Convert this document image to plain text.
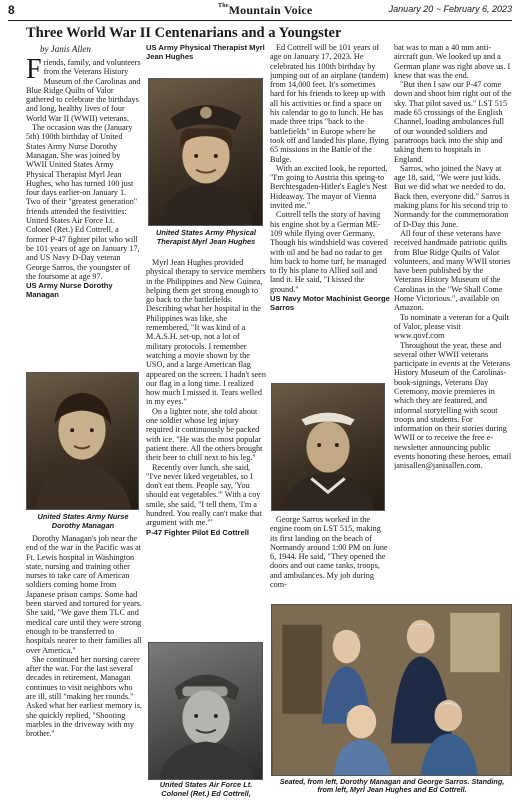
8	$^{The}$Mountain Voice	January 20 ~ February 6, 2023
Three World War II Centenarians and a Youngster
by Janis Allen

Friends, family, and volunteers from the Veterans History Museum of the Carolinas and Blue Ridge Quilts of Valor gathered to celebrate the birthdays and long, healthy lives of four World War II (WWII) veterans.

The occasion was the (January 5th) 100th birthday of United States Army Nurse Dorothy Managan. She was joined by WWII United States Army Physical Therapist Myrl Jean Hughes, who has turned 100 just four days earlier-on January 1. Two of their "greatest generation" friends attended the festivities: United States Air Force Lt. Colonel (Ret.) Ed Cottrell, a former P-47 fighter pilot who will be 101 years of age on January 17, and US Navy D-Day veteran George Sarros, the youngster of the foursome at age 97.

US Army Nurse Dorothy Managan
United States Army Nurse Dorothy Managan

Dorothy Managan's job near the end of the war in the Pacific was at Ft. Lewis hospital in Washington state, nursing and training other nurses to take care of American soldiers coming home from Japanese prison camps. Some had been starved and tortured for years. She said, "We gave them TLC and medical care until they were strong enough to be transferred to hospitals nearer to their families all over America."

She continued her nursing career after the war. For the last several decades in retirement, Managan continues to visit neighbors who are ill, still "making her rounds." Asked what her earliest memory is, she quickly replied, "Shooting marbles in the driveway with my brother."

US Army Physical Therapist Myrl Jean Hughes
United States Army Physical Therapist Myrl Jean Hughes

Myrl Jean Hughes provided physical therapy to service members in the Philippines and New Guinea, helping them get strong enough to go back to the battlefields. Describing what her hospital in the Philippines was like, she remembered, "It was kind of a M.A.S.H. set-up, not a lot of military protocols. I remember watching a movie shown by the USO, and a large American flag appeared on the screen. I hadn't seen our flag in a long time. I realized how much I missed it. Tears welled in my eyes."

On a lighter note, she told about one soldier whose leg injury required it continuously be packed with ice. "He was the most popular patient there. All the others brought their beer to chill next to his leg."

Recently over lunch, she said, "I've never liked vegetables, so I don't eat them. People say, 'You should eat vegetables.'" With a coy smile, she said, "I tell them, 'I'm a hundred. You really can't make that argument with me.'"

P-47 Fighter Pilot Ed Cottrell
United States Air Force Lt. Colonel (Ret.) Ed Cottrell,

Ed Cottrell will be 101 years of age on January 17, 2023. He celebrated his 100th birthday by jumping out of an airplane (tandem) from 14,000 feet. It's sometimes hard for his friends to keep up with all his activities or find a space on his calendar to go to lunch. He has made three trips "back to the battlefields" in Europe where he took off and landed his plane, flying 65 missions in the Battle of the Bulge.

With an excited look, he reported, "I'm going to Austria this spring-to Berchtesgaden-Hitler's Eagle's Nest Hideaway. The mayor of Vienna invited me."

Cottrell tells the story of having his engine shot by a German ME-109 while flying over Germany. Though his windshield was covered with oil and he had no radar to get him back to home turf, he managed to fly his plane to Allied soil and land it. He said, "I kissed the ground."

US Navy Motor Machinist George Sarros

George Sarros worked in the engine room on LST 515, making its first landing on the beach of Normandy around 1:00 PM on June 6, 1944. He said, "They opened the doors and out came tanks, troops, and ambulances. My job during com-

bat was to man a 40 mm anti-aircraft gun. We looked up and a German plane was right above us. I knew that was the end.

"But then I saw our P-47 come down and shoot him right out of the sky. That pilot saved us." LST 515 made 65 crossings of the English Channel, loading ambulances full of our wounded soldiers and paratroops back into the ship and taking them to hospitals in England.

Sarros, who joined the Navy at age 18, said, "We were just kids. But we did what we needed to do. Back then, everyone did." Sarros is making plans for his second trip to Normandy for the commemoration of D-Day this June.

All four of these veterans have received handmade patriotic quilts from Blue Ridge Quilts of Valor volunteers, and many WWII stories have been published by the Veterans History Museum of the Carolinas in the "We Shall Come Home Victorious.", available on Amazon.

To nominate a veteran for a Quilt of Valor, please visit www.qovf.com

Throughout the year, these and several other WWII veterans participate in events at the Veterans History Museum of the Carolinas-book-signings, Veterans Day Ceremony, movie premieres in which they are featured, and informal storytelling with scout troops and students. For information on their stories during WWII or to receive the free e-newsletter announcing public events honoring these heroes, email janisallen@janisallen.com.

Seated, from left, Dorothy Managan and George Sarros. Standing, from left, Myrl Jean Hughes and Ed Cottrell.
